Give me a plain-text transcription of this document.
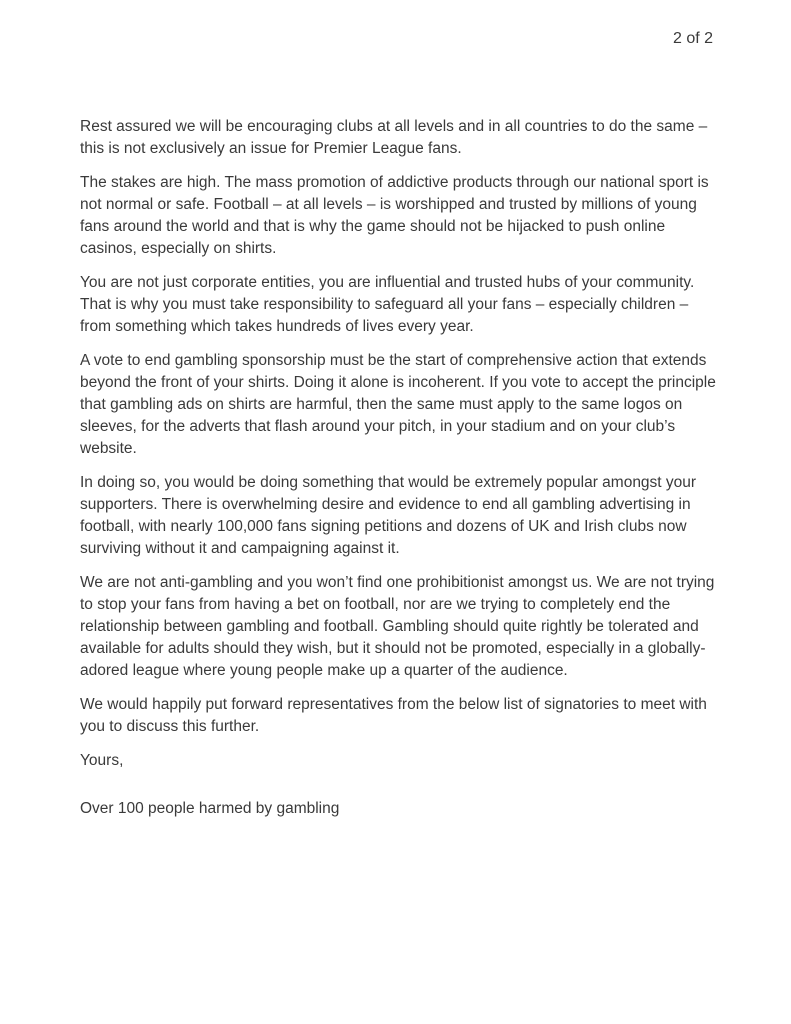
2 of 2

Rest assured we will be encouraging clubs at all levels and in all countries to do the same – this is not exclusively an issue for Premier League fans.

The stakes are high. The mass promotion of addictive products through our national sport is not normal or safe. Football – at all levels – is worshipped and trusted by millions of young fans around the world and that is why the game should not be hijacked to push online casinos, especially on shirts.

You are not just corporate entities, you are influential and trusted hubs of your community. That is why you must take responsibility to safeguard all your fans – especially children – from something which takes hundreds of lives every year.

A vote to end gambling sponsorship must be the start of comprehensive action that extends beyond the front of your shirts. Doing it alone is incoherent. If you vote to accept the principle that gambling ads on shirts are harmful, then the same must apply to the same logos on sleeves, for the adverts that flash around your pitch, in your stadium and on your club’s website.

In doing so, you would be doing something that would be extremely popular amongst your supporters. There is overwhelming desire and evidence to end all gambling advertising in football, with nearly 100,000 fans signing petitions and dozens of UK and Irish clubs now surviving without it and campaigning against it.

We are not anti-gambling and you won’t find one prohibitionist amongst us. We are not trying to stop your fans from having a bet on football, nor are we trying to completely end the relationship between gambling and football. Gambling should quite rightly be tolerated and available for adults should they wish, but it should not be promoted, especially in a globally-adored league where young people make up a quarter of the audience.

We would happily put forward representatives from the below list of signatories to meet with you to discuss this further.

Yours,

Over 100 people harmed by gambling
